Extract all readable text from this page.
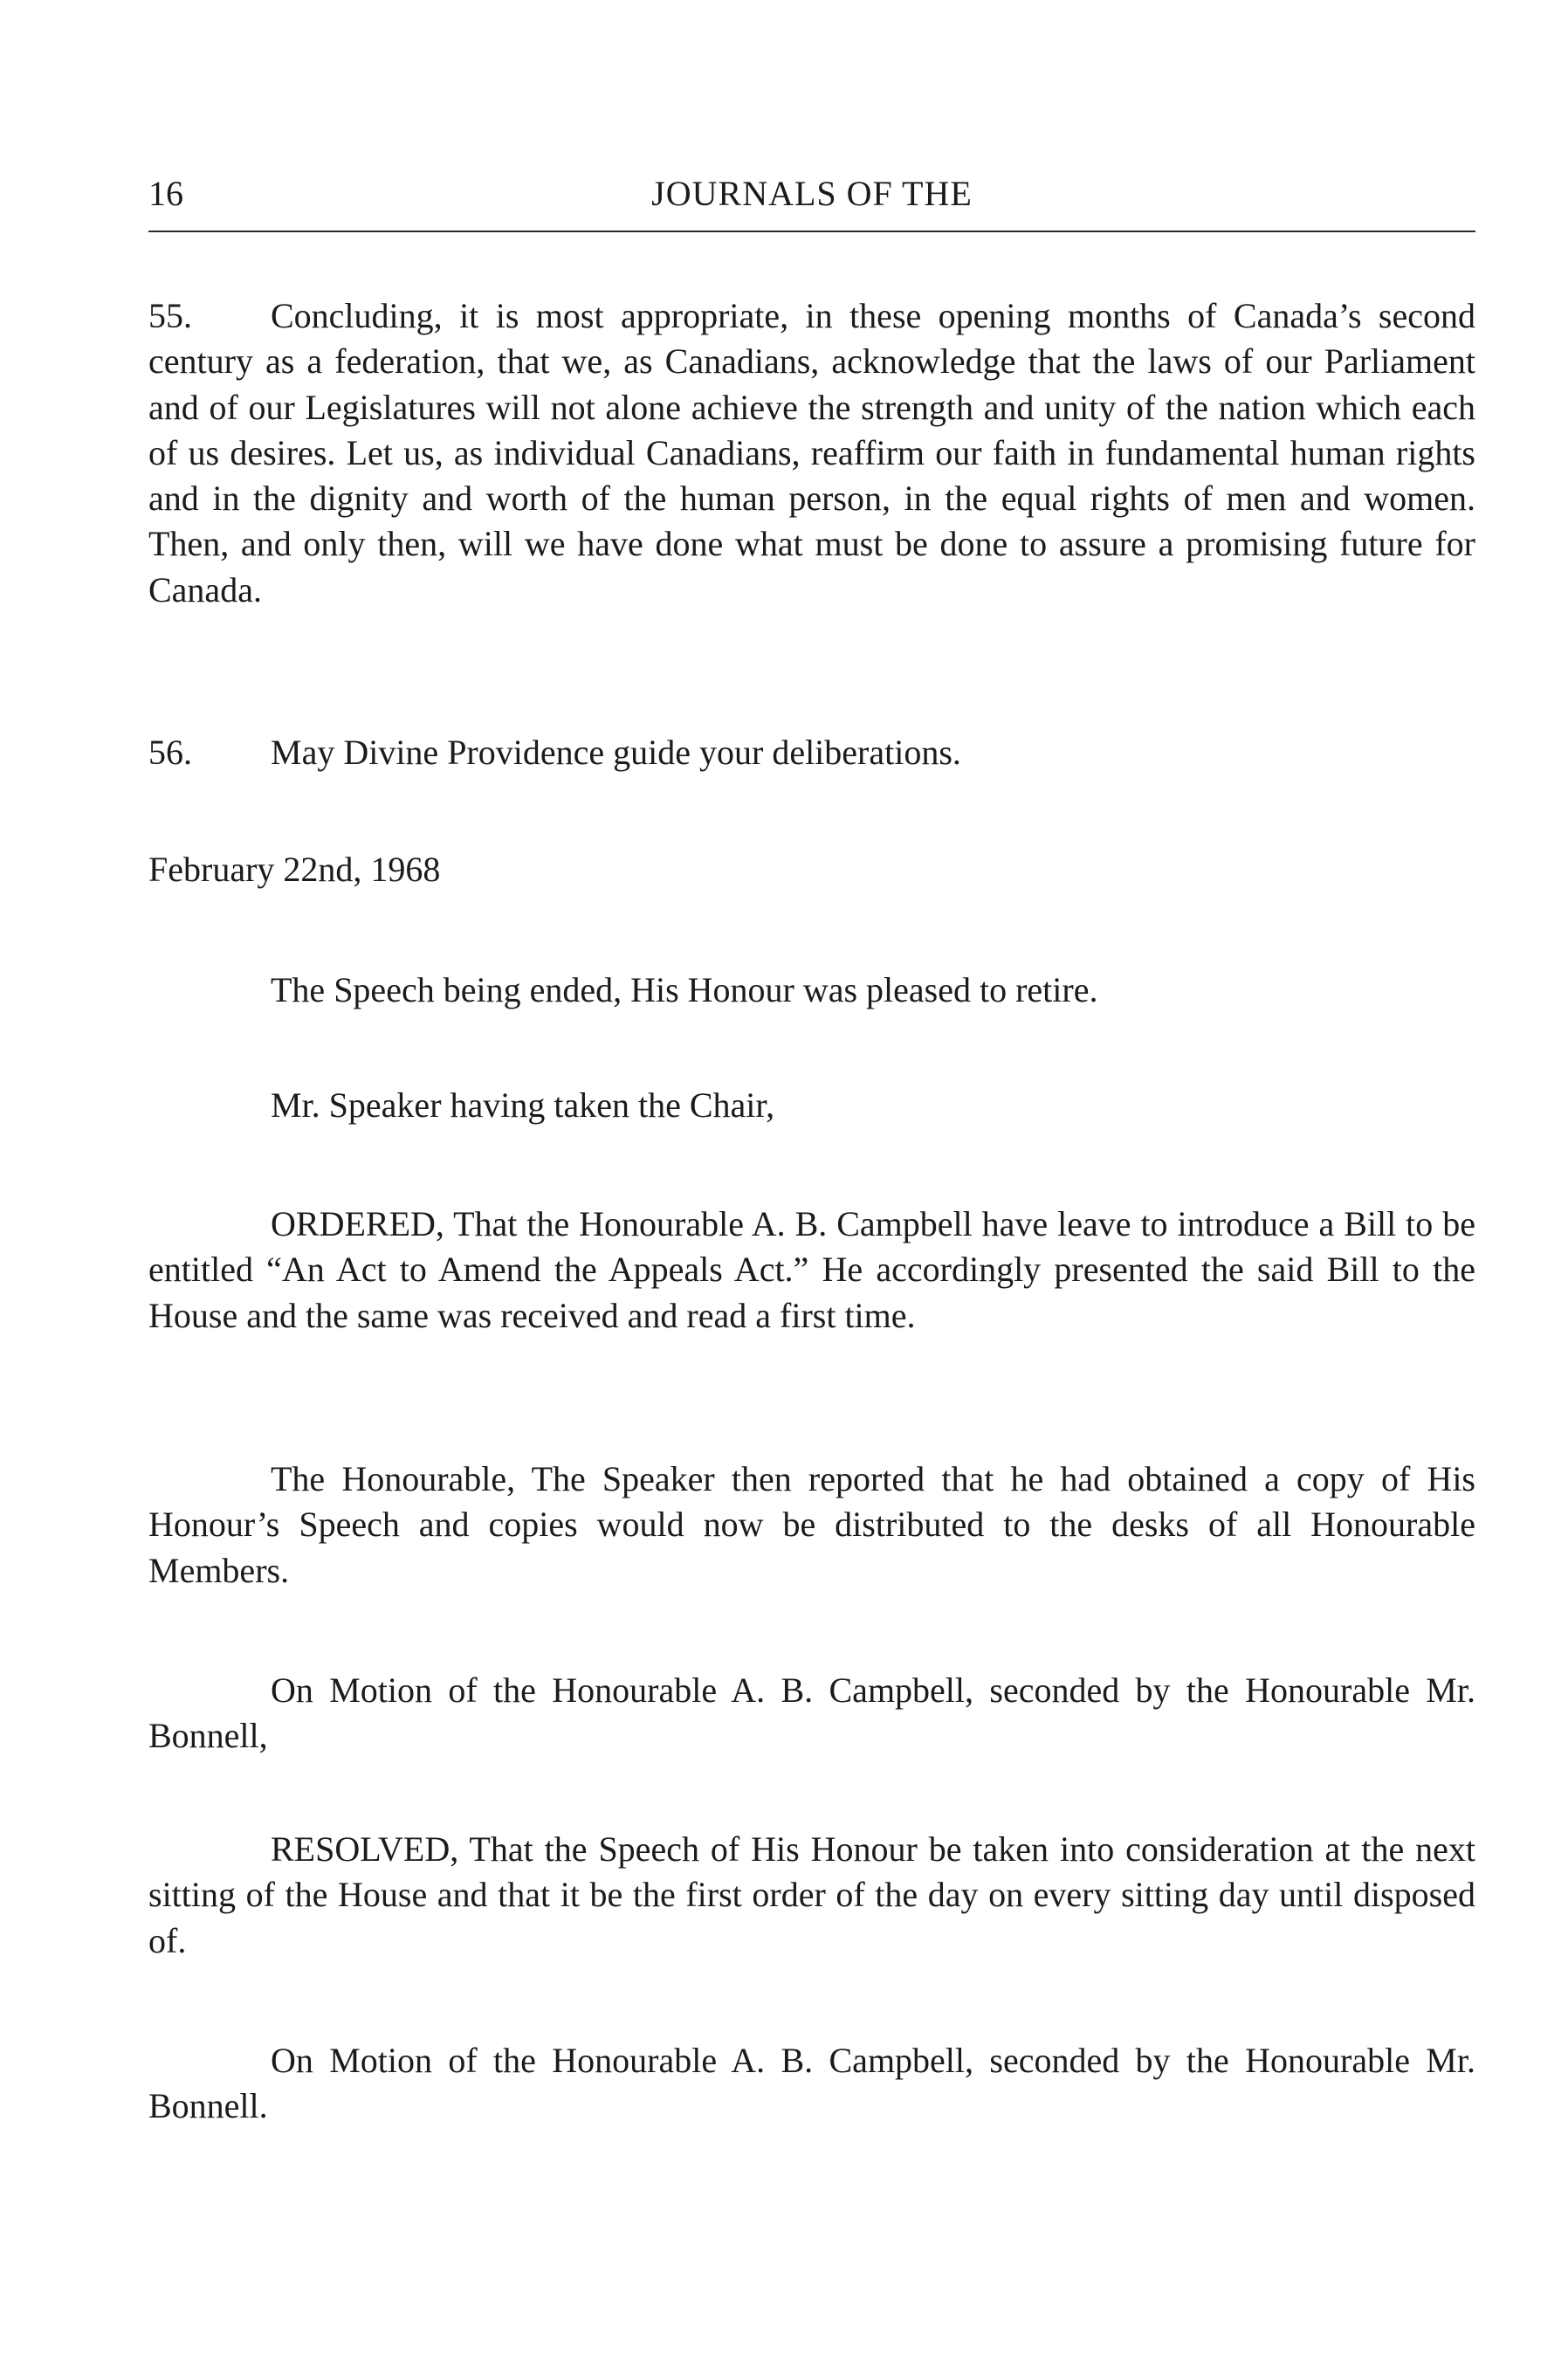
16	JOURNALS OF THE

55. Concluding, it is most appropriate, in these opening months of Canada’s second century as a federation, that we, as Canadians, acknowledge that the laws of our Parliament and of our Legislatures will not alone achieve the strength and unity of the nation which each of us desires. Let us, as individual Canadians, reaffirm our faith in fundamental human rights and in the dignity and worth of the human person, in the equal rights of men and women. Then, and only then, will we have done what must be done to assure a promising future for Canada.

56. May Divine Providence guide your deliberations.

February 22nd, 1968

The Speech being ended, His Honour was pleased to retire.

Mr. Speaker having taken the Chair,

ORDERED, That the Honourable A. B. Campbell have leave to introduce a Bill to be entitled “An Act to Amend the Appeals Act.” He accordingly presented the said Bill to the House and the same was received and read a first time.

The Honourable, The Speaker then reported that he had obtained a copy of His Honour’s Speech and copies would now be distributed to the desks of all Honourable Members.

On Motion of the Honourable A. B. Campbell, seconded by the Honourable Mr. Bonnell,

RESOLVED, That the Speech of His Honour be taken into consideration at the next sitting of the House and that it be the first order of the day on every sitting day until disposed of.

On Motion of the Honourable A. B. Campbell, seconded by the Honourable Mr. Bonnell.
